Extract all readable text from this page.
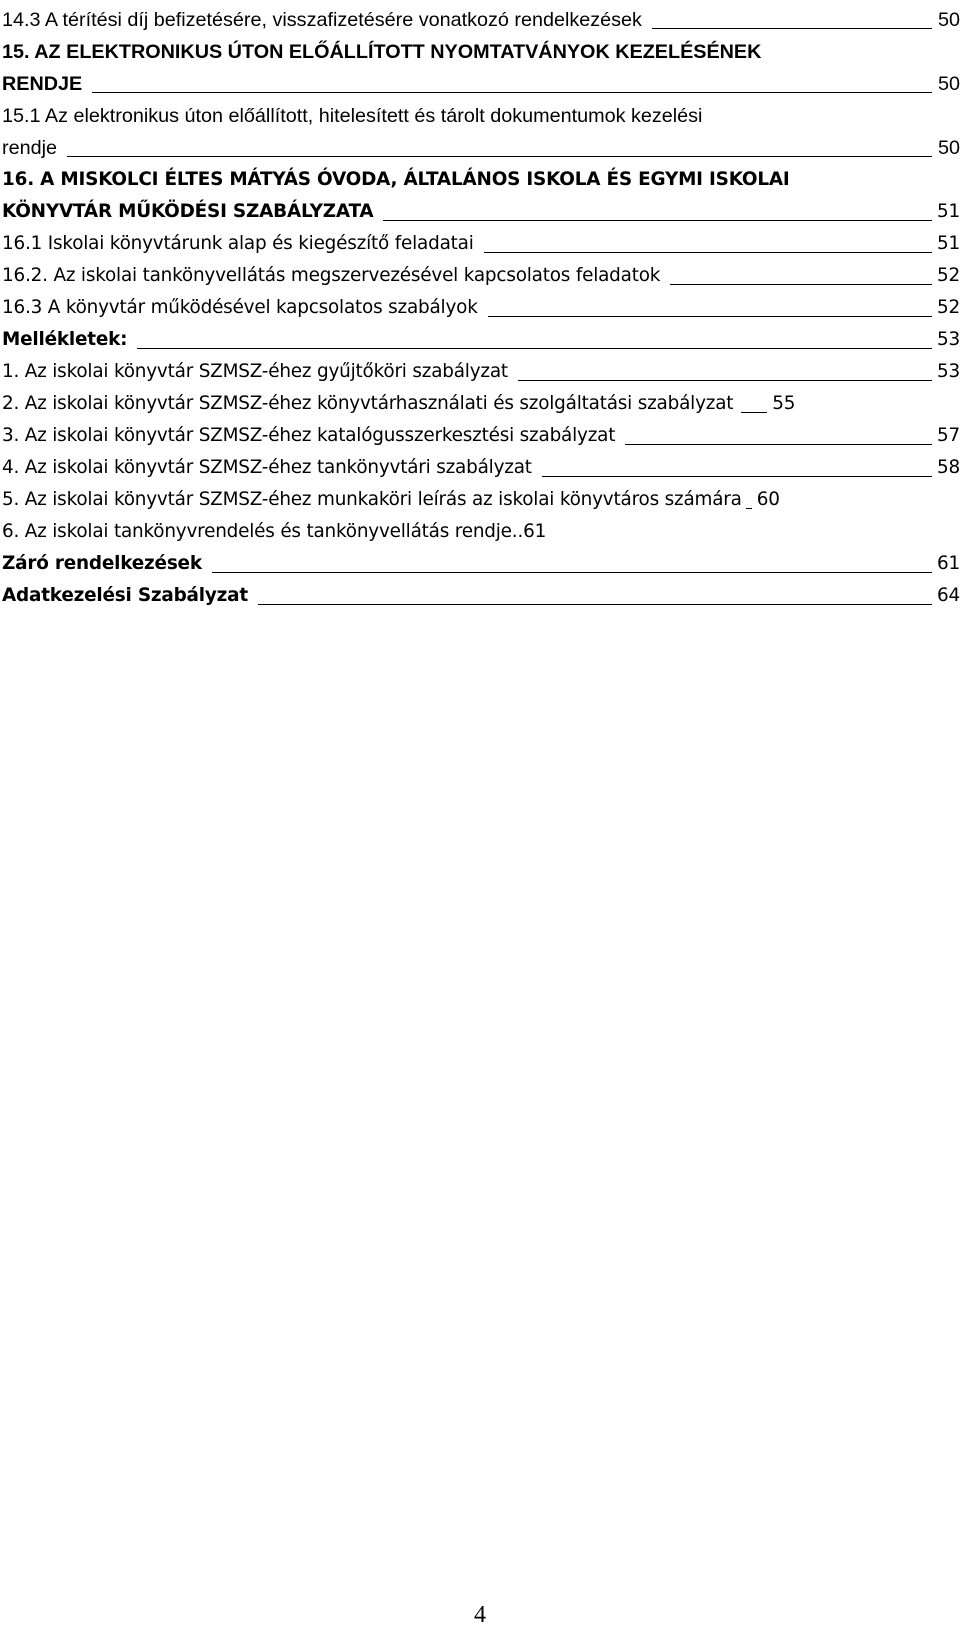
14.3 A térítési díj befizetésére, visszafizetésére vonatkozó rendelkezések	50
15. AZ ELEKTRONIKUS ÚTON ELŐÁLLÍTOTT NYOMTATVÁNYOK KEZELÉSÉNEK
RENDJE	50
15.1 Az elektronikus úton előállított, hitelesített és tárolt dokumentumok kezelési
rendje	50
16. A MISKOLCI ÉLTES MÁTYÁS ÓVODA, ÁLTALÁNOS ISKOLA ÉS EGYMI ISKOLAI
KÖNYVTÁR MŰKÖDÉSI SZABÁLYZATA	51
16.1 Iskolai könyvtárunk alap és kiegészítő feladatai	51
16.2. Az iskolai tankönyvellátás megszervezésével kapcsolatos feladatok	52
16.3 A könyvtár működésével kapcsolatos szabályok	52
Mellékletek:	53
1. Az iskolai könyvtár SZMSZ-éhez gyűjtőköri szabályzat	53
2. Az iskolai könyvtár SZMSZ-éhez könyvtárhasználati és szolgáltatási szabályzat 55
3. Az iskolai könyvtár SZMSZ-éhez katalógusszerkesztési szabályzat	57
4. Az iskolai könyvtár SZMSZ-éhez tankönyvtári szabályzat	58
5. Az iskolai könyvtár SZMSZ-éhez munkaköri leírás az iskolai könyvtáros számára 60
6. Az iskolai tankönyvrendelés és tankönyvellátás rendje..61
Záró rendelkezések	61
Adatkezelési Szabályzat	64
4
